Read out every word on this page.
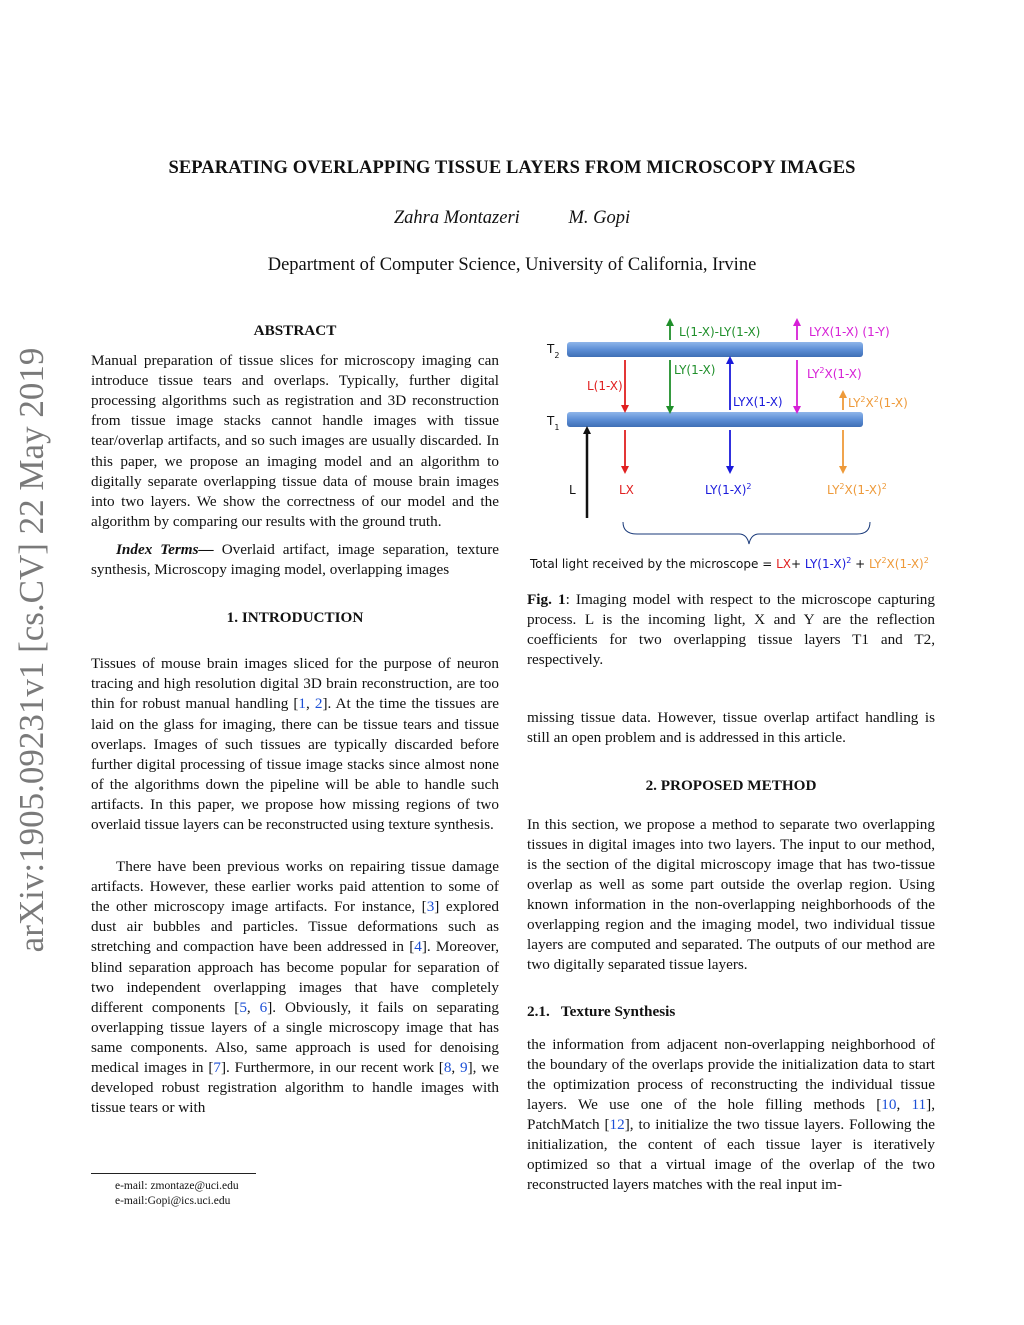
arXiv:1905.09231v1 [cs.CV] 22 May 2019
SEPARATING OVERLAPPING TISSUE LAYERS FROM MICROSCOPY IMAGES
Zahra Montazeri	M. Gopi
Department of Computer Science, University of California, Irvine
ABSTRACT

Manual preparation of tissue slices for microscopy imaging can introduce tissue tears and overlaps. Typically, further digital processing algorithms such as registration and 3D reconstruction from tissue image stacks cannot handle images with tissue tear/overlap artifacts, and so such images are usually discarded. In this paper, we propose an imaging model and an algorithm to digitally separate overlapping tissue data of mouse brain images into two layers. We show the correctness of our model and the algorithm by comparing our results with the ground truth.

Index Terms— Overlaid artifact, image separation, texture synthesis, Microscopy imaging model, overlapping images

1. INTRODUCTION

Tissues of mouse brain images sliced for the purpose of neuron tracing and high resolution digital 3D brain reconstruction, are too thin for robust manual handling [1, 2]. At the time the tissues are laid on the glass for imaging, there can be tissue tears and tissue overlaps. Images of such tissues are typically discarded before further digital processing of tissue image stacks since almost none of the algorithms down the pipeline will be able to handle such artifacts. In this paper, we propose how missing regions of two overlaid tissue layers can be reconstructed using texture synthesis.

There have been previous works on repairing tissue damage artifacts. However, these earlier works paid attention to some of the other microscopy image artifacts. For instance, [3] explored dust air bubbles and particles. Tissue deformations such as stretching and compaction have been addressed in [4]. Moreover, blind separation approach has become popular for separation of two independent overlapping images that have completely different components [5, 6]. Obviously, it fails on separating overlapping tissue layers of a single microscopy image that has same components. Also, same approach is used for denoising medical images in [7]. Furthermore, in our recent work [8, 9], we developed robust registration algorithm to handle images with tissue tears or with

e-mail: zmontaze@uci.edu
e-mail:Gopi@ics.uci.edu
$T_2$
$T_1$
L
L(1-X)
LX
L(1-X)-LY(1-X)
LY(1-X)
LYX(1-X)
$LY(1-X)^2$
LYX(1-X) (1-Y)
$LY^2X(1-X)$
$LY^2X^2(1-X)$
$LY^2X(1-X)^2$
Total light received by the microscope = $LX+ LY(1-X)^2 + LY^2X(1-X)^2$

Fig. 1: Imaging model with respect to the microscope capturing process. L is the incoming light, X and Y are the reflection coefficients for two overlapping tissue layers T1 and T2, respectively.

missing tissue data. However, tissue overlap artifact handling is still an open problem and is addressed in this article.

2. PROPOSED METHOD

In this section, we propose a method to separate two overlapping tissues in digital images into two layers. The input to our method, is the section of the digital microscopy image that has two-tissue overlap as well as some part outside the overlap region. Using known information in the non-overlapping neighborhoods of the overlapping region and the imaging model, two individual tissue layers are computed and separated. The outputs of our method are two digitally separated tissue layers.

2.1.   Texture Synthesis

the information from adjacent non-overlapping neighborhood of the boundary of the overlaps provide the initialization data to start the optimization process of reconstructing the individual tissue layers. We use one of the hole filling methods [10, 11], PatchMatch [12], to initialize the two tissue layers. Following the initialization, the content of each tissue layer is iteratively optimized so that a virtual image of the overlap of the two reconstructed layers matches with the real input im-
